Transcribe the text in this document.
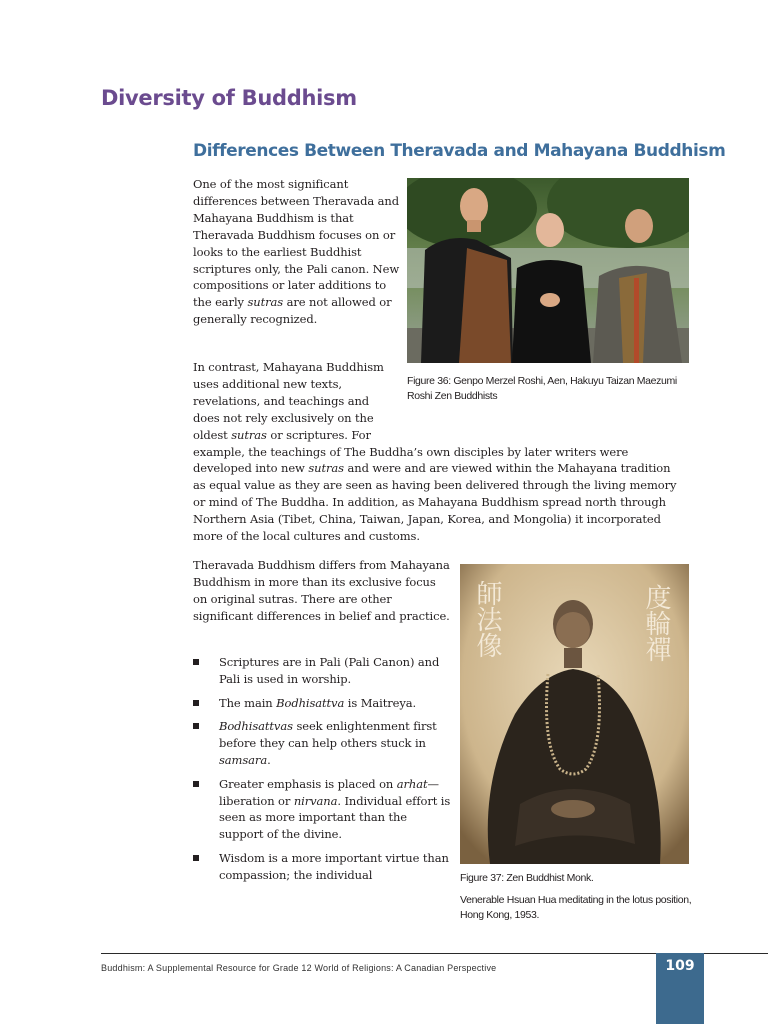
Diversity of Buddhism
Differences Between Theravada and Mahayana Buddhism

One of the most significant differences between Theravada and Mahayana Buddhism is that Theravada Buddhism focuses on or looks to the earliest Buddhist scriptures only, the Pali canon. New compositions or later additions to the early sutras are not allowed or generally recognized.

In contrast, Mahayana Buddhism uses additional new texts, revelations, and teachings and does not rely exclusively on the oldest sutras or scriptures. For example, the teachings of The Buddha’s own disciples by later writers were developed into new sutras and were and are viewed within the Mahayana tradition as equal value as they are seen as having been delivered through the living memory or mind of The Buddha. In addition, as Mahayana Buddhism spread north through Northern Asia (Tibet, China, Taiwan, Japan, Korea, and Mongolia) it incorporated more of the local cultures and customs.

Figure 36: Genpo Merzel Roshi, Aen, Hakuyu Taizan Maezumi Roshi Zen Buddhists

Theravada Buddhism differs from Mahayana Buddhism in more than its exclusive focus on original sutras. There are other significant differences in belief and practice.

Scriptures are in Pali (Pali Canon) and Pali is used in worship.
The main Bodhisattva is Maitreya.
Bodhisattvas seek enlightenment first before they can help others stuck in samsara.
Greater emphasis is placed on arhat—liberation or nirvana. Individual effort is seen as more important than the support of the divine.
Wisdom is a more important virtue than compassion; the individual
師法像	度輪禪

Figure 37: Zen Buddhist Monk.

Venerable Hsuan Hua meditating in the lotus position, Hong Kong, 1953.

Buddhism: A Supplemental Resource for Grade 12 World of Religions: A Canadian Perspective	109
